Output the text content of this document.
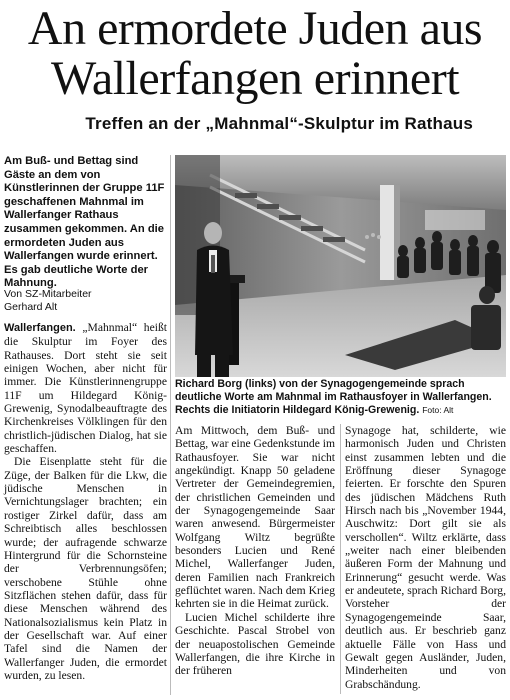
An ermordete Juden aus
Wallerfangen erinnert
Treffen an der „Mahnmal“-Skulptur im Rathaus
Am Buß- und Bettag sind Gäste an dem von Künstlerinnen der Gruppe 11F geschaffenen Mahnmal im Wallerfanger Rathaus zusammen gekommen. An die ermordeten Juden aus Wallerfangen wurde erinnert. Es gab deutliche Worte der Mahnung.
Von SZ-Mitarbeiter
Gerhard Alt

Wallerfangen. „Mahnmal“ heißt die Skulptur im Foyer des Rathauses. Dort steht sie seit einigen Wochen, aber nicht für immer. Die Künstlerinnengruppe 11F um Hildegard König-Grewenig, Synodalbeauftragte des Kirchenkreises Völklingen für den christlich-jüdischen Dialog, hat sie geschaffen.

Die Eisenplatte steht für die Züge, der Balken für die Lkw, die jüdische Menschen in Vernichtungslager brachten; ein rostiger Zirkel dafür, dass am Schreibtisch alles beschlossen wurde; der aufragende schwarze Hintergrund für die Schornsteine der Verbrennungsöfen; verschobene Stühle ohne Sitzflächen stehen dafür, dass für diese Menschen während des Nationalsozialismus kein Platz in der Gesellschaft war. Auf einer Tafel sind die Namen der Wallerfanger Juden, die ermordet wurden, zu lesen.

Richard Borg (links) von der Synagogengemeinde sprach deutliche Worte am Mahnmal im Rathausfoyer in Wallerfangen. Rechts die Initiatorin Hildegard König-Grewenig. Foto: Alt

Am Mittwoch, dem Buß- und Bettag, war eine Gedenkstunde im Rathausfoyer. Sie war nicht angekündigt. Knapp 50 geladene Vertreter der Gemeindegremien, der christlichen Gemeinden und der Synagogengemeinde Saar waren anwesend. Bürgermeister Wolfgang Wiltz begrüßte besonders Lucien und René Michel, Wallerfanger Juden, deren Familien nach Frankreich geflüchtet waren. Nach dem Krieg kehrten sie in die Heimat zurück.

Lucien Michel schilderte ihre Geschichte. Pascal Strobel von der neuapostolischen Gemeinde Wallerfangen, die ihre Kirche in der früheren

Synagoge hat, schilderte, wie harmonisch Juden und Christen einst zusammen lebten und die Eröffnung dieser Synagoge feierten. Er forschte den Spuren des jüdischen Mädchens Ruth Hirsch nach bis „November 1944, Auschwitz: Dort gilt sie als verschollen“. Wiltz erklärte, dass „weiter nach einer bleibenden äußeren Form der Mahnung und Erinnerung“ gesucht werde. Was er andeutete, sprach Richard Borg, Vorsteher der Synagogengemeinde Saar, deutlich aus. Er beschrieb ganz aktuelle Fälle von Hass und Gewalt gegen Ausländer, Juden, Minderheiten und von Grabschändung.
